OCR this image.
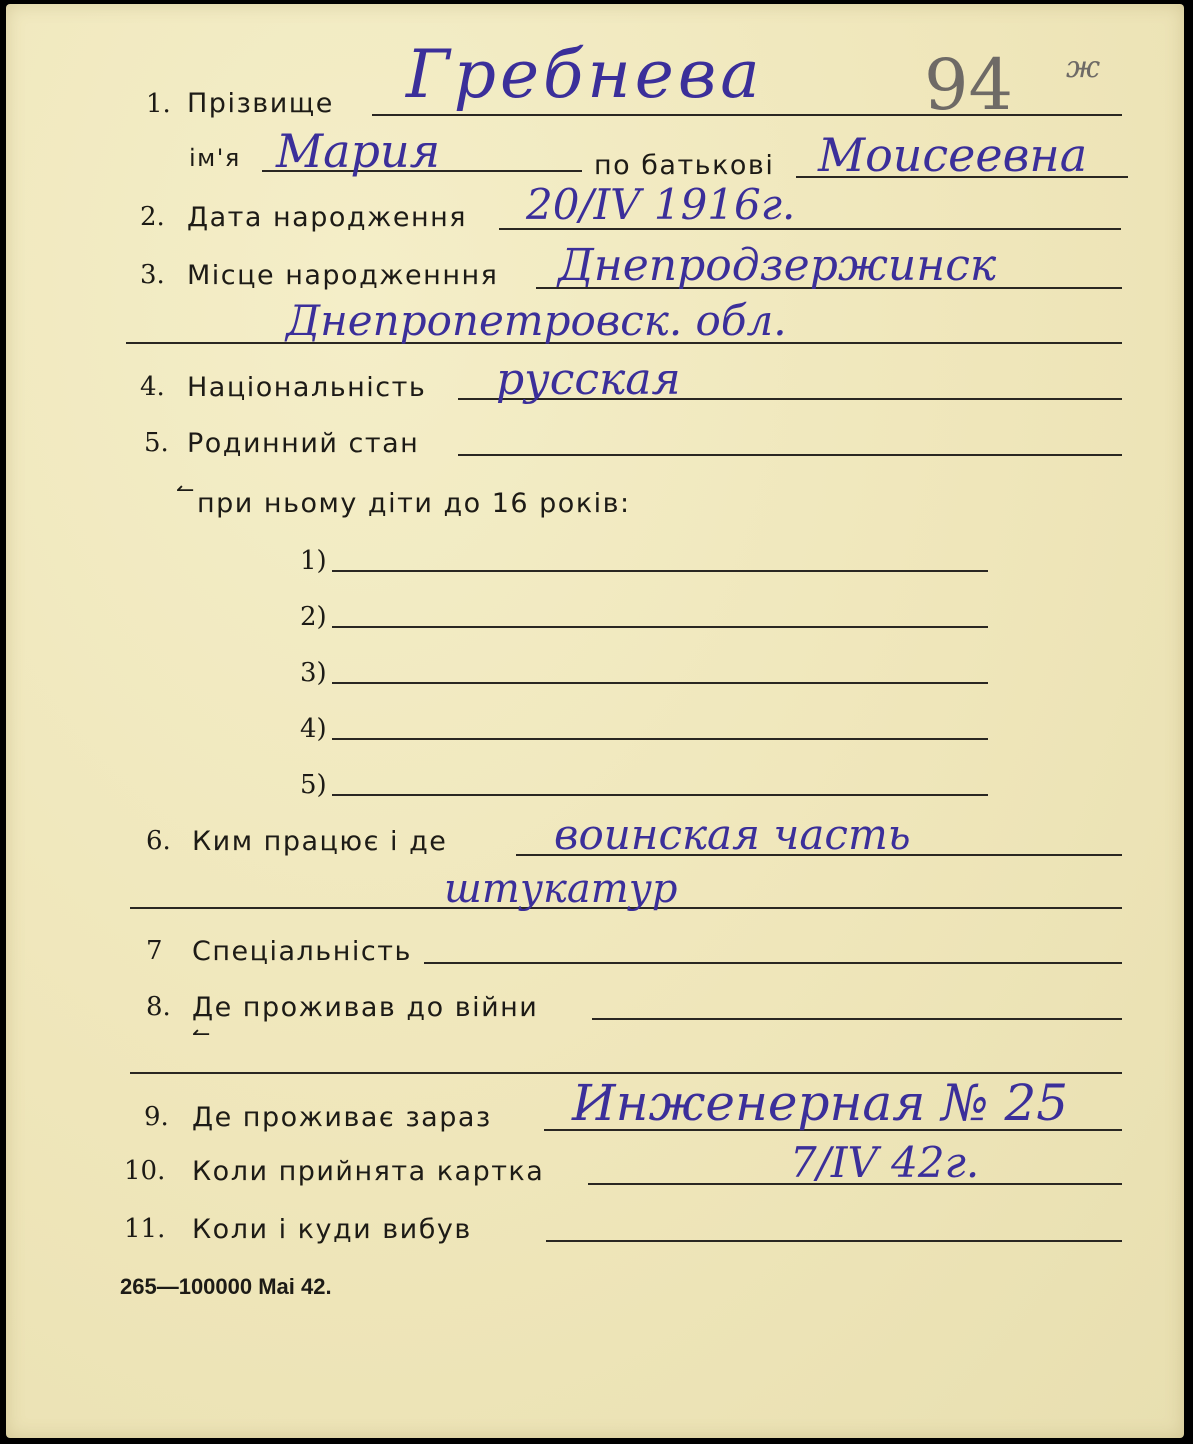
1. Прізвище Гребнева 94 ж
ім'я Мария	по батькові Моисеевна
2. Дата народження 20/IV 1916г.
3. Місце народженння Днепродзержинск
Днепропетровск. обл.
4. Національність русская
5. Родинний стан
↼ при ньому діти до 16 років:
1)
2)
3)
4)
5)
6. Ким працює і де	воинская часть
штукатур
7 Спеціальність
8. Де проживав до війни
↼
9. Де проживає зараз Инженерная № 25
10. Коли прийнята картка	7/IV 42г.
11. Коли і куди вибув
265—100000 Mai 42.
